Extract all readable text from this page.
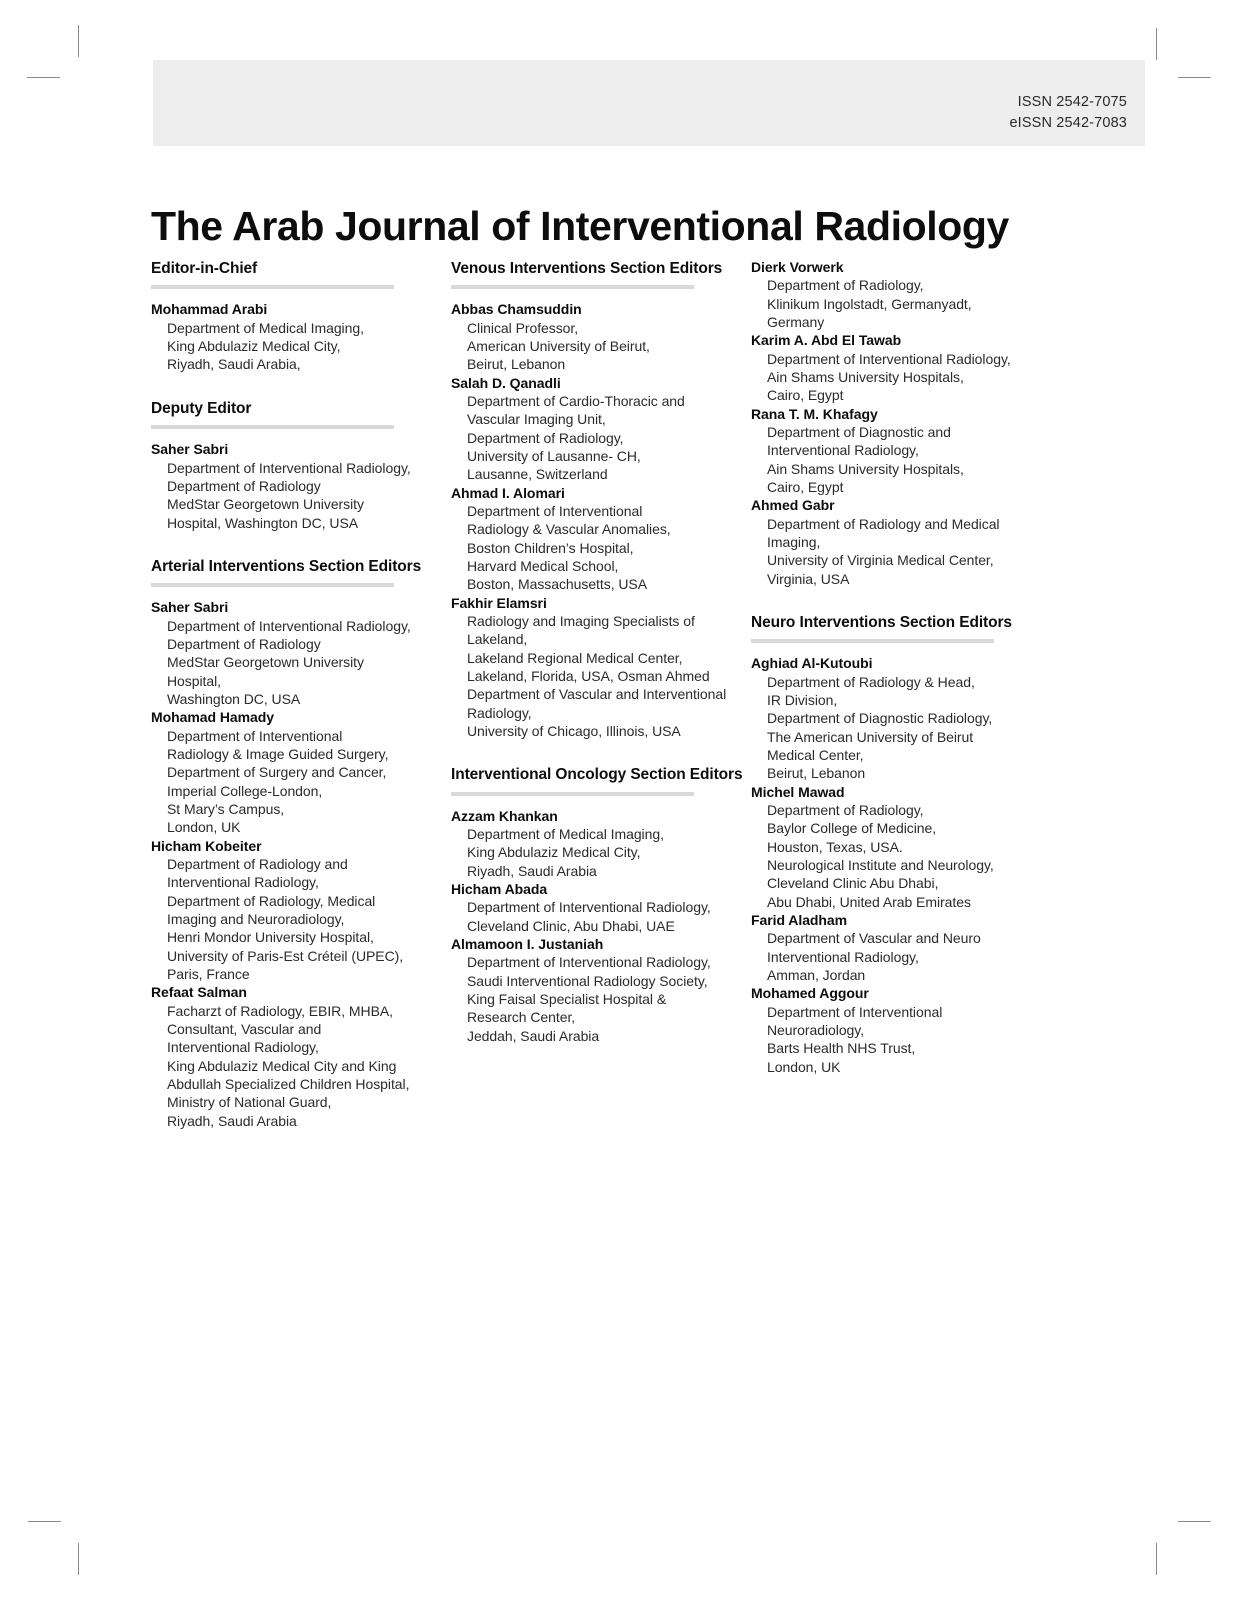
ISSN 2542-7075
eISSN 2542-7083
The Arab Journal of Interventional Radiology
Editor-in-Chief
Mohammad Arabi
Department of Medical Imaging,
King Abdulaziz Medical City,
Riyadh, Saudi Arabia,
Deputy Editor
Saher Sabri
Department of Interventional Radiology,
Department of Radiology
MedStar Georgetown University
Hospital, Washington DC, USA
Arterial Interventions Section Editors
Saher Sabri
Department of Interventional Radiology,
Department of Radiology
MedStar Georgetown University
Hospital,
Washington DC, USA
Mohamad Hamady
Department of Interventional
Radiology & Image Guided Surgery,
Department of Surgery and Cancer,
Imperial College-London,
St Mary’s Campus,
London, UK
Hicham Kobeiter
Department of Radiology and
Interventional Radiology,
Department of Radiology, Medical
Imaging and Neuroradiology,
Henri Mondor University Hospital,
University of Paris-Est Créteil (UPEC),
Paris, France
Refaat Salman
Facharzt of Radiology, EBIR, MHBA,
Consultant, Vascular and
Interventional Radiology,
King Abdulaziz Medical City and King
Abdullah Specialized Children Hospital,
Ministry of National Guard,
Riyadh, Saudi Arabia
Venous Interventions Section Editors
Abbas Chamsuddin
Clinical Professor,
American University of Beirut,
Beirut, Lebanon
Salah D. Qanadli
Department of Cardio-Thoracic and
Vascular Imaging Unit,
Department of Radiology,
University of Lausanne- CH,
Lausanne, Switzerland
Ahmad I. Alomari
Department of Interventional
Radiology & Vascular Anomalies,
Boston Children’s Hospital,
Harvard Medical School,
Boston, Massachusetts, USA
Fakhir Elamsri
Radiology and Imaging Specialists of
Lakeland,
Lakeland Regional Medical Center,
Lakeland, Florida, USA, Osman Ahmed
Department of Vascular and Interventional
Radiology,
University of Chicago, Illinois, USA
Interventional Oncology Section Editors
Azzam Khankan
Department of Medical Imaging,
King Abdulaziz Medical City,
Riyadh, Saudi Arabia
Hicham Abada
Department of Interventional Radiology,
Cleveland Clinic, Abu Dhabi, UAE
Almamoon I. Justaniah
Department of Interventional Radiology,
Saudi Interventional Radiology Society,
King Faisal Specialist Hospital &
Research Center,
Jeddah, Saudi Arabia
Dierk Vorwerk
Department of Radiology,
Klinikum Ingolstadt, Germanyadt,
Germany
Karim A. Abd El Tawab
Department of Interventional Radiology,
Ain Shams University Hospitals,
Cairo, Egypt
Rana T. M. Khafagy
Department of Diagnostic and
Interventional Radiology,
Ain Shams University Hospitals,
Cairo, Egypt
Ahmed Gabr
Department of Radiology and Medical
Imaging,
University of Virginia Medical Center,
Virginia, USA
Neuro Interventions Section Editors
Aghiad Al-Kutoubi
Department of Radiology & Head,
IR Division,
Department of Diagnostic Radiology,
The American University of Beirut
Medical Center,
Beirut, Lebanon
Michel Mawad
Department of Radiology,
Baylor College of Medicine,
Houston, Texas, USA.
Neurological Institute and Neurology,
Cleveland Clinic Abu Dhabi,
Abu Dhabi, United Arab Emirates
Farid Aladham
Department of Vascular and Neuro
Interventional Radiology,
Amman, Jordan
Mohamed Aggour
Department of Interventional
Neuroradiology,
Barts Health NHS Trust,
London, UK
